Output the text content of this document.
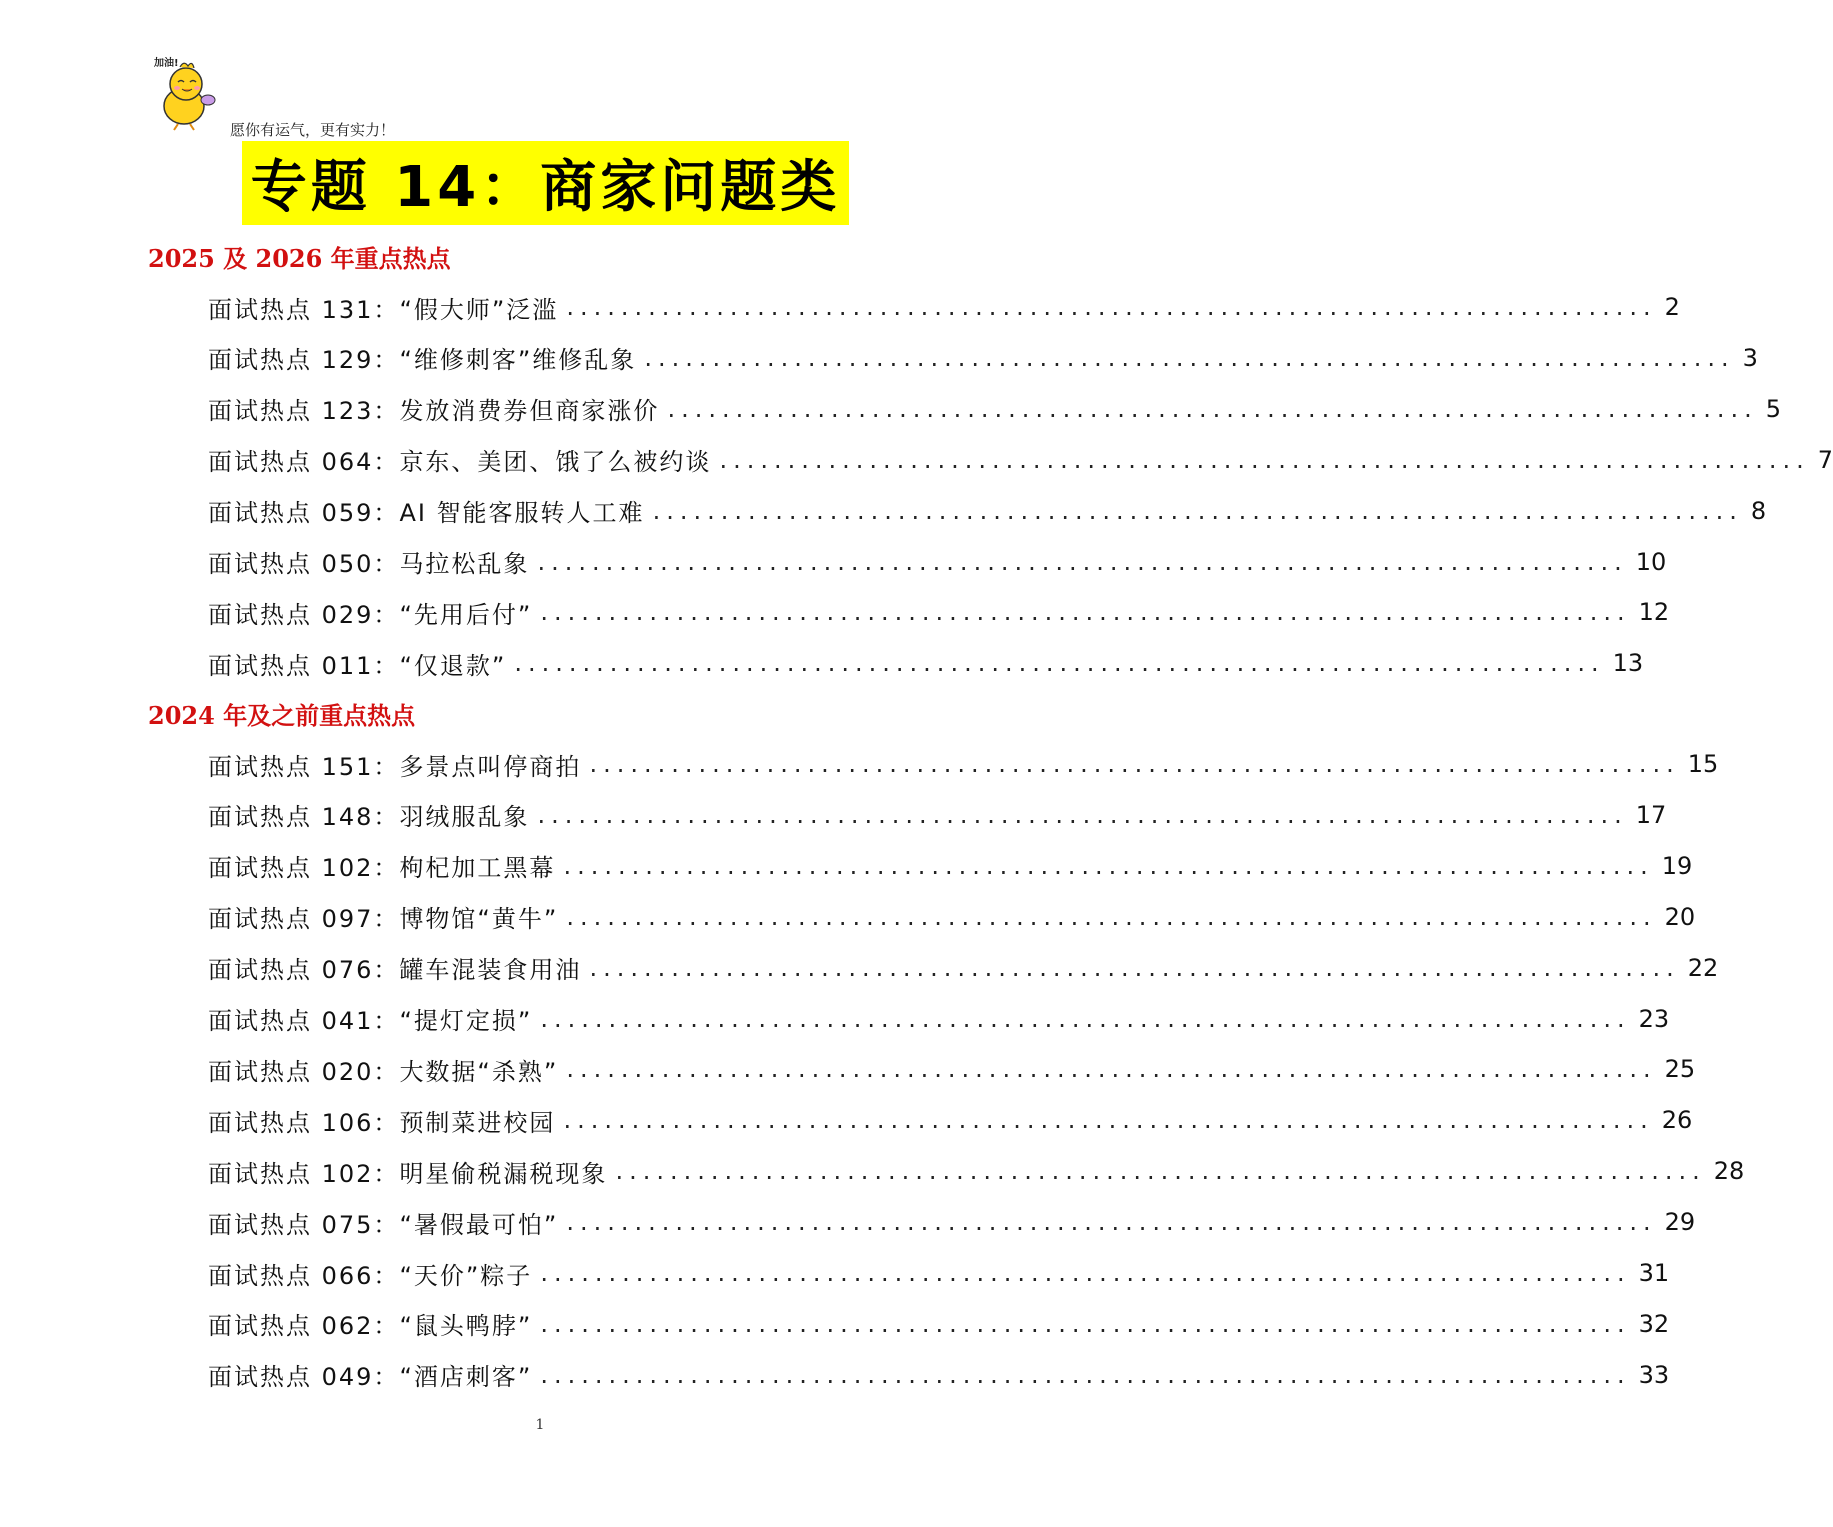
加油!
愿你有运气，更有实力！
专题 14：商家问题类
2025 及 2026 年重点热点
面试热点 131： “假大师”泛滥 ................................................................................ 2
面试热点 129： “维修刺客”维修乱象 ................................................................................ 3
面试热点 123： 发放消费券但商家涨价 ................................................................................ 5
面试热点 064： 京东、美团、饿了么被约谈 ................................................................................ 7
面试热点 059： AI 智能客服转人工难 ................................................................................ 8
面试热点 050： 马拉松乱象 ................................................................................ 10
面试热点 029： “先用后付” ................................................................................ 12
面试热点 011： “仅退款” ................................................................................ 13
2024 年及之前重点热点
面试热点 151： 多景点叫停商拍 ................................................................................ 15
面试热点 148： 羽绒服乱象 ................................................................................ 17
面试热点 102： 枸杞加工黑幕 ................................................................................ 19
面试热点 097： 博物馆“黄牛” ................................................................................ 20
面试热点 076： 罐车混装食用油 ................................................................................ 22
面试热点 041： “提灯定损” ................................................................................ 23
面试热点 020： 大数据“杀熟” ................................................................................ 25
面试热点 106： 预制菜进校园 ................................................................................ 26
面试热点 102： 明星偷税漏税现象 ................................................................................ 28
面试热点 075： “暑假最可怕” ................................................................................ 29
面试热点 066： “天价”粽子 ................................................................................ 31
面试热点 062： “鼠头鸭脖” ................................................................................ 32
面试热点 049： “酒店刺客” ................................................................................ 33
1
